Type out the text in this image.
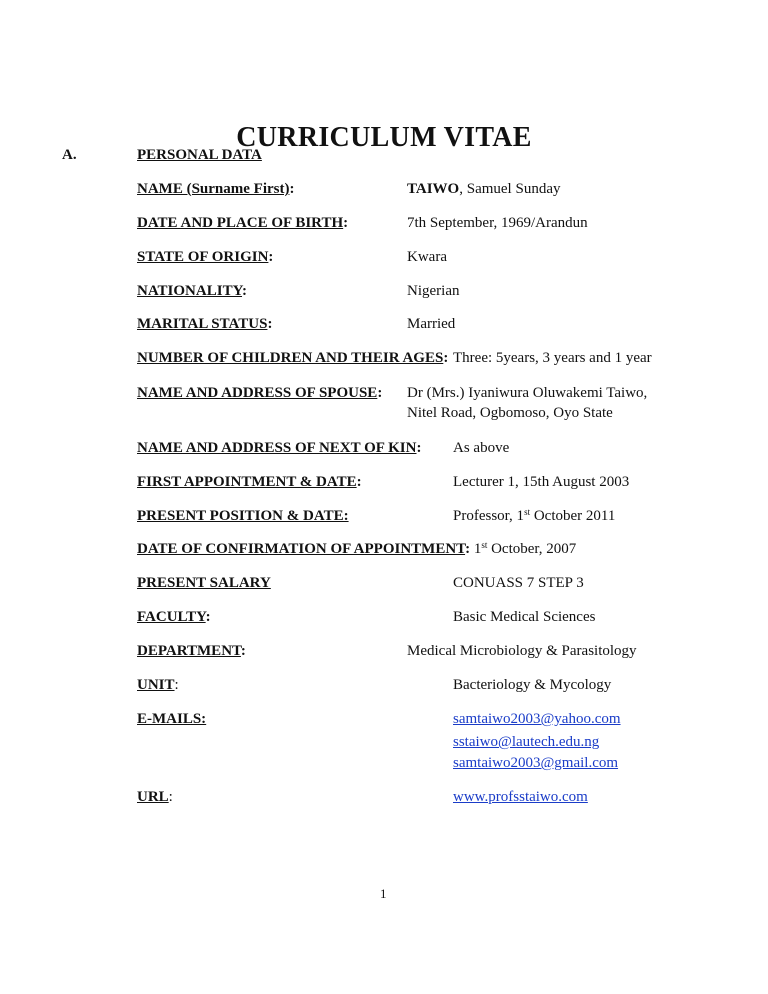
CURRICULUM VITAE
A.	PERSONAL DATA
NAME (Surname First):	TAIWO, Samuel Sunday
DATE AND PLACE OF BIRTH:	7th September, 1969/Arandun
STATE OF ORIGIN:	Kwara
NATIONALITY:	Nigerian
MARITAL STATUS:	Married
NUMBER OF CHILDREN AND THEIR AGES: Three: 5years, 3 years and 1 year
NAME AND ADDRESS OF SPOUSE: Dr (Mrs.) Iyaniwura Oluwakemi Taiwo,
Nitel Road, Ogbomoso, Oyo State
NAME AND ADDRESS OF NEXT OF KIN: As above
FIRST APPOINTMENT & DATE:	Lecturer 1, 15th August 2003
PRESENT POSITION & DATE:	Professor, 1st October 2011
DATE OF CONFIRMATION OF APPOINTMENT: 1st October, 2007
PRESENT SALARY	CONUASS 7 STEP 3
FACULTY:	Basic Medical Sciences
DEPARTMENT:	Medical Microbiology & Parasitology
UNIT:	Bacteriology & Mycology
E-MAILS:	samtaiwo2003@yahoo.com
sstaiwo@lautech.edu.ng
samtaiwo2003@gmail.com
URL:	www.profsstaiwo.com
1
